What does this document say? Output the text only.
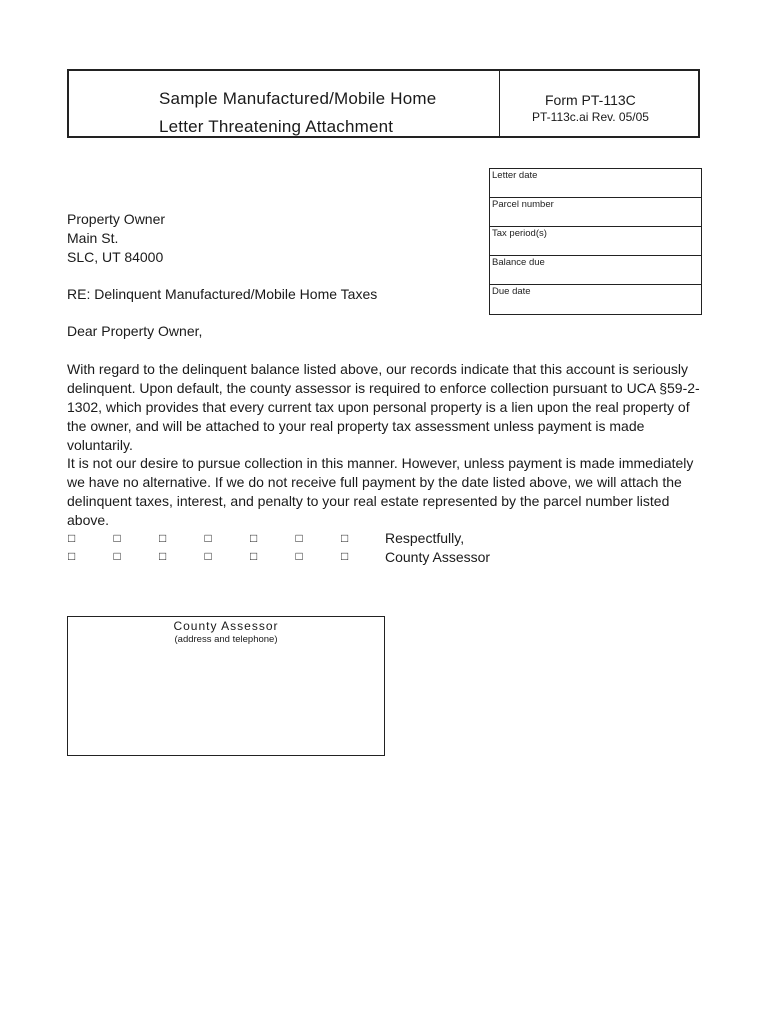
Sample Manufactured/Mobile Home
Letter Threatening Attachment
Form PT-113C
PT-113c.ai Rev. 05/05
Letter date
Parcel number
Tax period(s)
Balance due
Due date
Property Owner
Main St.
SLC, UT 84000
RE: Delinquent Manufactured/Mobile Home Taxes
Dear Property Owner,
With regard to the delinquent balance listed above, our records indicate that this account is seriously delinquent. Upon default, the county assessor is required to enforce collection pursuant to UCA §59-2-1302, which provides that every current tax upon personal property is a lien upon the real property of the owner, and will be attached to your real property tax assessment unless payment is made voluntarily.
It is not our desire to pursue collection in this manner. However, unless payment is made immediately we have no alternative. If we do not receive full payment by the date listed above, we will attach the delinquent taxes, interest, and penalty to your real estate represented by the parcel number listed above.
□	□	□	□	□	□	□
□	□	□	□	□	□	□
Respectfully,
County Assessor
County Assessor
(address and telephone)
